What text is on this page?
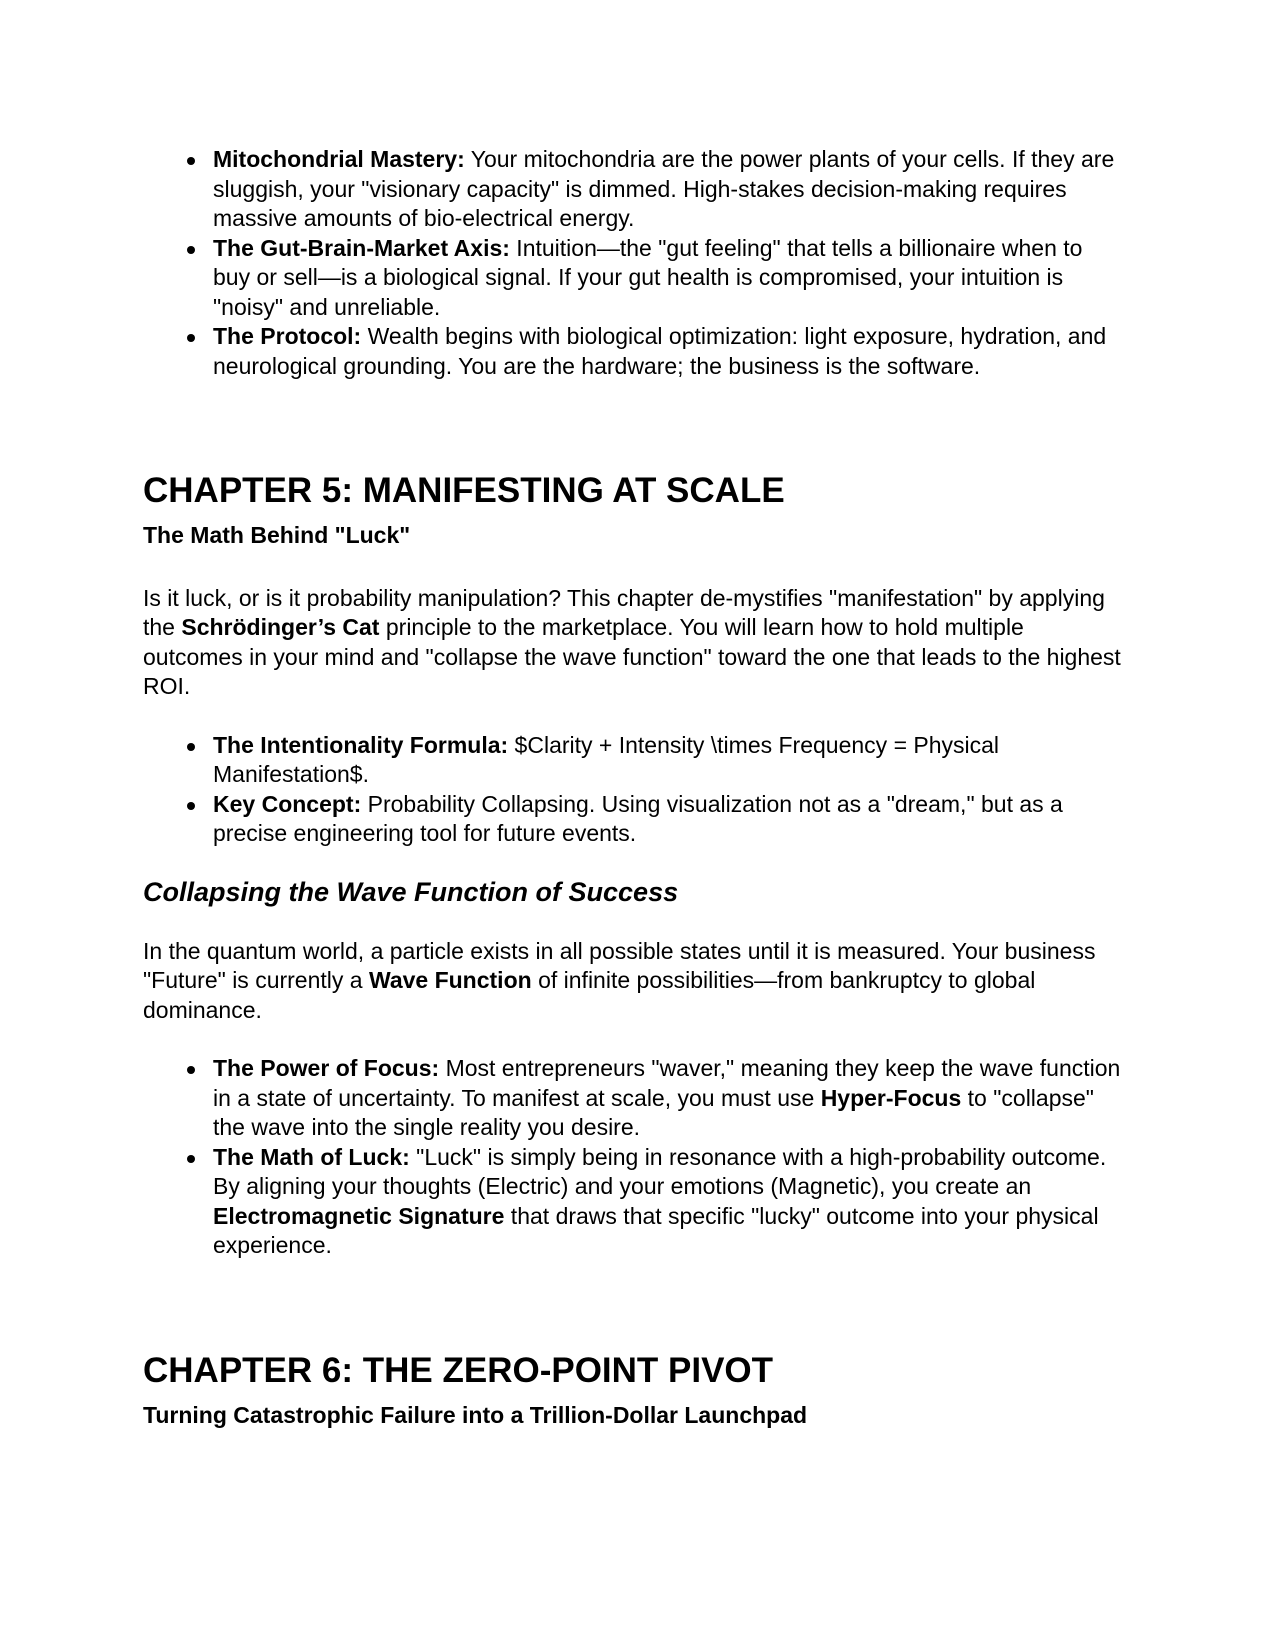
Mitochondrial Mastery: Your mitochondria are the power plants of your cells. If they are sluggish, your "visionary capacity" is dimmed. High-stakes decision-making requires massive amounts of bio-electrical energy.
The Gut-Brain-Market Axis: Intuition—the "gut feeling" that tells a billionaire when to buy or sell—is a biological signal. If your gut health is compromised, your intuition is "noisy" and unreliable.
The Protocol: Wealth begins with biological optimization: light exposure, hydration, and neurological grounding. You are the hardware; the business is the software.
CHAPTER 5: MANIFESTING AT SCALE

The Math Behind "Luck"

Is it luck, or is it probability manipulation? This chapter de-mystifies "manifestation" by applying the Schrödinger’s Cat principle to the marketplace. You will learn how to hold multiple outcomes in your mind and "collapse the wave function" toward the one that leads to the highest ROI.

The Intentionality Formula: $Clarity + Intensity \times Frequency = Physical Manifestation$.
Key Concept: Probability Collapsing. Using visualization not as a "dream," but as a precise engineering tool for future events.
Collapsing the Wave Function of Success

In the quantum world, a particle exists in all possible states until it is measured. Your business "Future" is currently a Wave Function of infinite possibilities—from bankruptcy to global dominance.

The Power of Focus: Most entrepreneurs "waver," meaning they keep the wave function in a state of uncertainty. To manifest at scale, you must use Hyper-Focus to "collapse" the wave into the single reality you desire.
The Math of Luck: "Luck" is simply being in resonance with a high-probability outcome. By aligning your thoughts (Electric) and your emotions (Magnetic), you create an Electromagnetic Signature that draws that specific "lucky" outcome into your physical experience.
CHAPTER 6: THE ZERO-POINT PIVOT

Turning Catastrophic Failure into a Trillion-Dollar Launchpad
